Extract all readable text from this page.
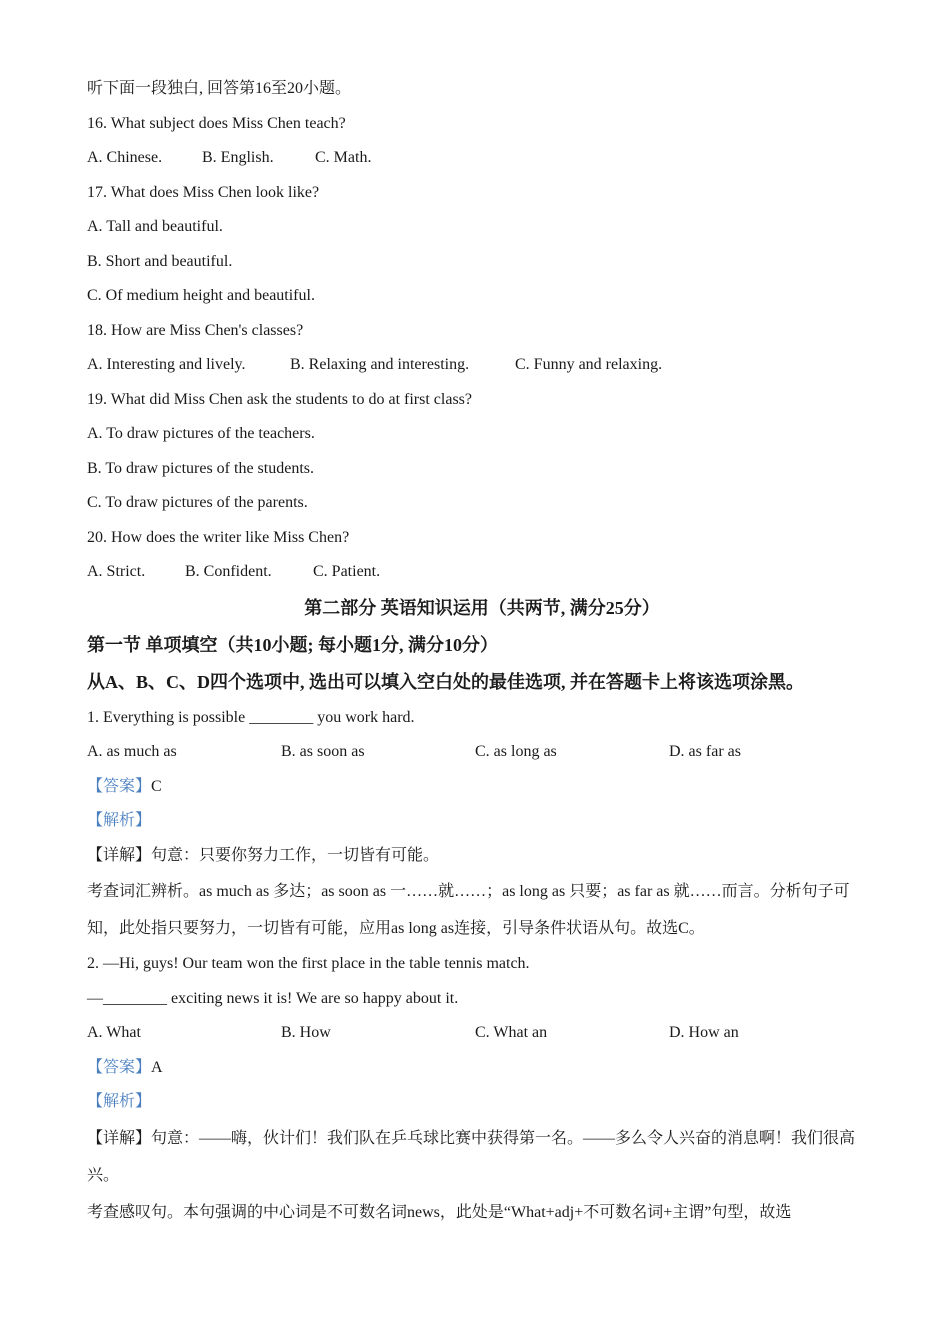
听下面一段独白, 回答第16至20小题。
16. What subject does Miss Chen teach?
A. Chinese.	B. English.	C. Math.
17. What does Miss Chen look like?
A. Tall and beautiful.
B. Short and beautiful.
C. Of medium height and beautiful.
18. How are Miss Chen's classes?
A. Interesting and lively.	B. Relaxing and interesting.	C. Funny and relaxing.
19. What did Miss Chen ask the students to do at first class?
A. To draw pictures of the teachers.
B. To draw pictures of the students.
C. To draw pictures of the parents.
20. How does the writer like Miss Chen?
A. Strict.	B. Confident.	C. Patient.
第二部分 英语知识运用（共两节, 满分25分）
第一节 单项填空（共10小题; 每小题1分, 满分10分）
从A、B、C、D四个选项中, 选出可以填入空白处的最佳选项, 并在答题卡上将该选项涂黑。
1. Everything is possible ________ you work hard.
A. as much as	B. as soon as	C. as long as	D. as far as
【答案】C
【解析】
【详解】句意：只要你努力工作，一切皆有可能。
考查词汇辨析。as much as 多达；as soon as 一……就……；as long as 只要；as far as 就……而言。分析句子可知，此处指只要努力，一切皆有可能，应用as long as连接，引导条件状语从句。故选C。
2. —Hi, guys! Our team won the first place in the table tennis match.
—________ exciting news it is! We are so happy about it.
A. What	B. How	C. What an	D. How an
【答案】A
【解析】
【详解】句意：——嗨，伙计们！我们队在乒乓球比赛中获得第一名。——多么令人兴奋的消息啊！我们很高兴。
考查感叹句。本句强调的中心词是不可数名词news，此处是“What+adj+不可数名词+主谓”句型，故选
